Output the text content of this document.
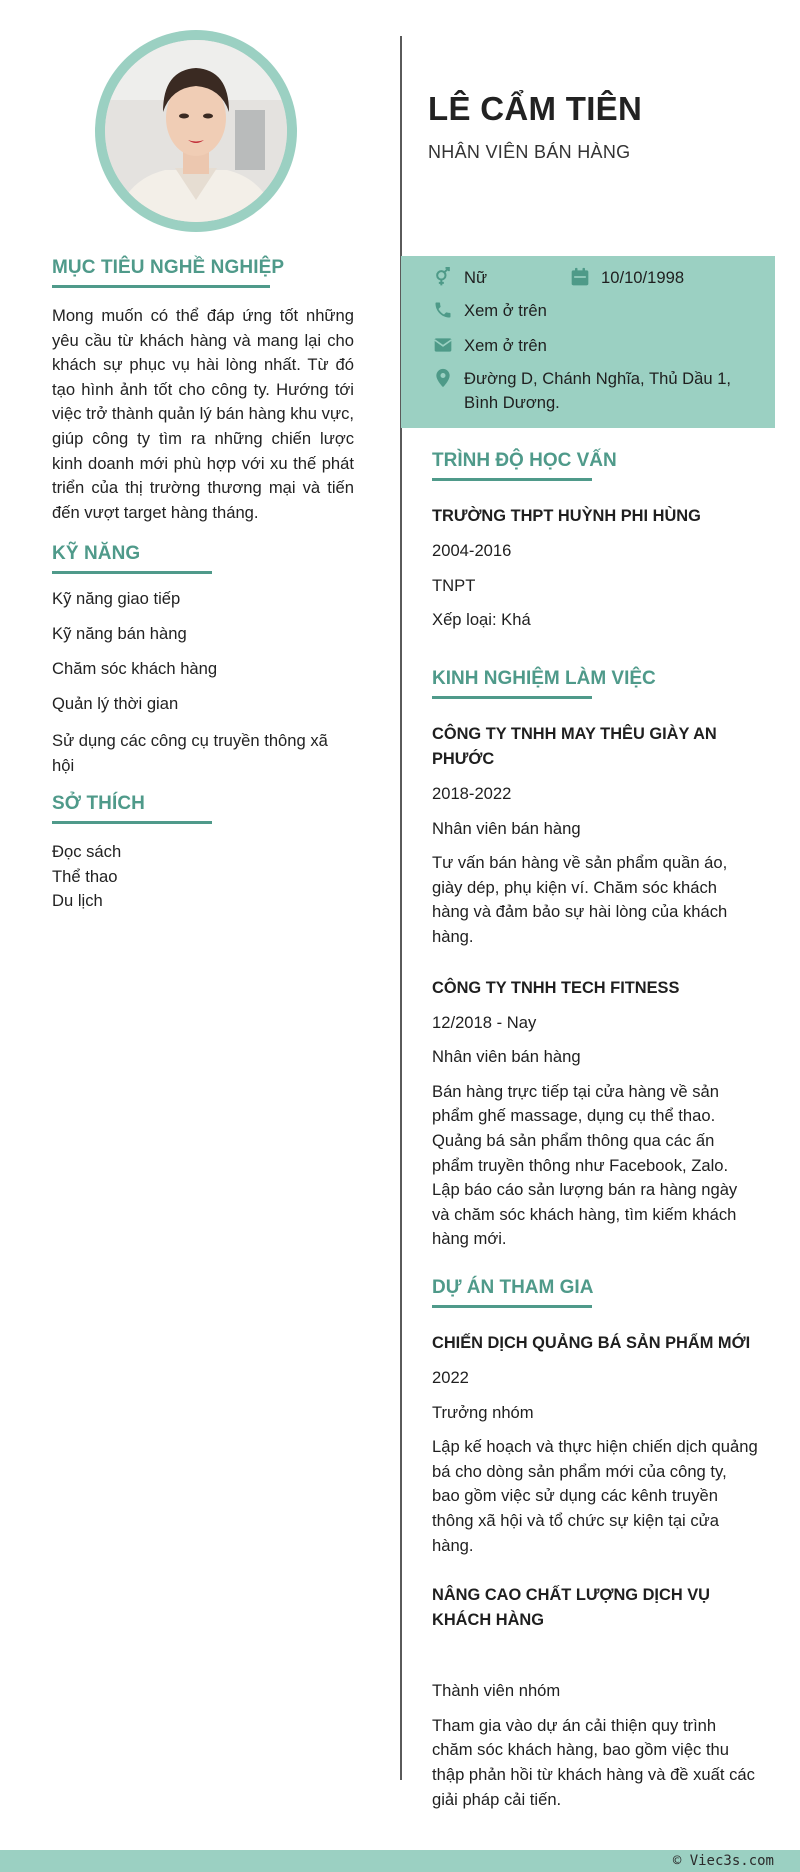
MỤC TIÊU NGHỀ NGHIỆP
Mong muốn có thể đáp ứng tốt những yêu cầu từ khách hàng và mang lại cho khách sự phục vụ hài lòng nhất. Từ đó tạo hình ảnh tốt cho công ty. Hướng tới việc trở thành quản lý bán hàng khu vực, giúp công ty tìm ra những chiến lược kinh doanh mới phù hợp với xu thế phát triển của thị trường thương mại và tiến đến vượt target hàng tháng.
KỸ NĂNG
Kỹ năng giao tiếp
Kỹ năng bán hàng
Chăm sóc khách hàng
Quản lý thời gian
Sử dụng các công cụ truyền thông xã hội
SỞ THÍCH
Đọc sách
Thể thao
Du lịch
LÊ CẨM TIÊN
NHÂN VIÊN BÁN HÀNG
Nữ	10/10/1998
Xem ở trên
Xem ở trên
Đường D, Chánh Nghĩa, Thủ Dầu 1, Bình Dương.
TRÌNH ĐỘ HỌC VẤN
TRƯỜNG THPT HUỲNH PHI HÙNG
2004-2016
TNPT
Xếp loại: Khá
KINH NGHIỆM LÀM VIỆC
CÔNG TY TNHH MAY THÊU GIÀY AN PHƯỚC
2018-2022
Nhân viên bán hàng
Tư vấn bán hàng về sản phẩm quần áo, giày dép, phụ kiện ví. Chăm sóc khách hàng và đảm bảo sự hài lòng của khách hàng.
CÔNG TY TNHH TECH FITNESS
12/2018 - Nay
Nhân viên bán hàng
Bán hàng trực tiếp tại cửa hàng về sản phẩm ghế massage, dụng cụ thể thao. Quảng bá sản phẩm thông qua các ấn phẩm truyền thông như Facebook, Zalo. Lập báo cáo sản lượng bán ra hàng ngày và chăm sóc khách hàng, tìm kiếm khách hàng mới.
DỰ ÁN THAM GIA
CHIẾN DỊCH QUẢNG BÁ SẢN PHẨM MỚI
2022
Trưởng nhóm
Lập kế hoạch và thực hiện chiến dịch quảng bá cho dòng sản phẩm mới của công ty, bao gồm việc sử dụng các kênh truyền thông xã hội và tổ chức sự kiện tại cửa hàng.
NÂNG CAO CHẤT LƯỢNG DỊCH VỤ KHÁCH HÀNG
Thành viên nhóm
Tham gia vào dự án cải thiện quy trình chăm sóc khách hàng, bao gồm việc thu thập phản hồi từ khách hàng và đề xuất các giải pháp cải tiến.
© Viec3s.com
